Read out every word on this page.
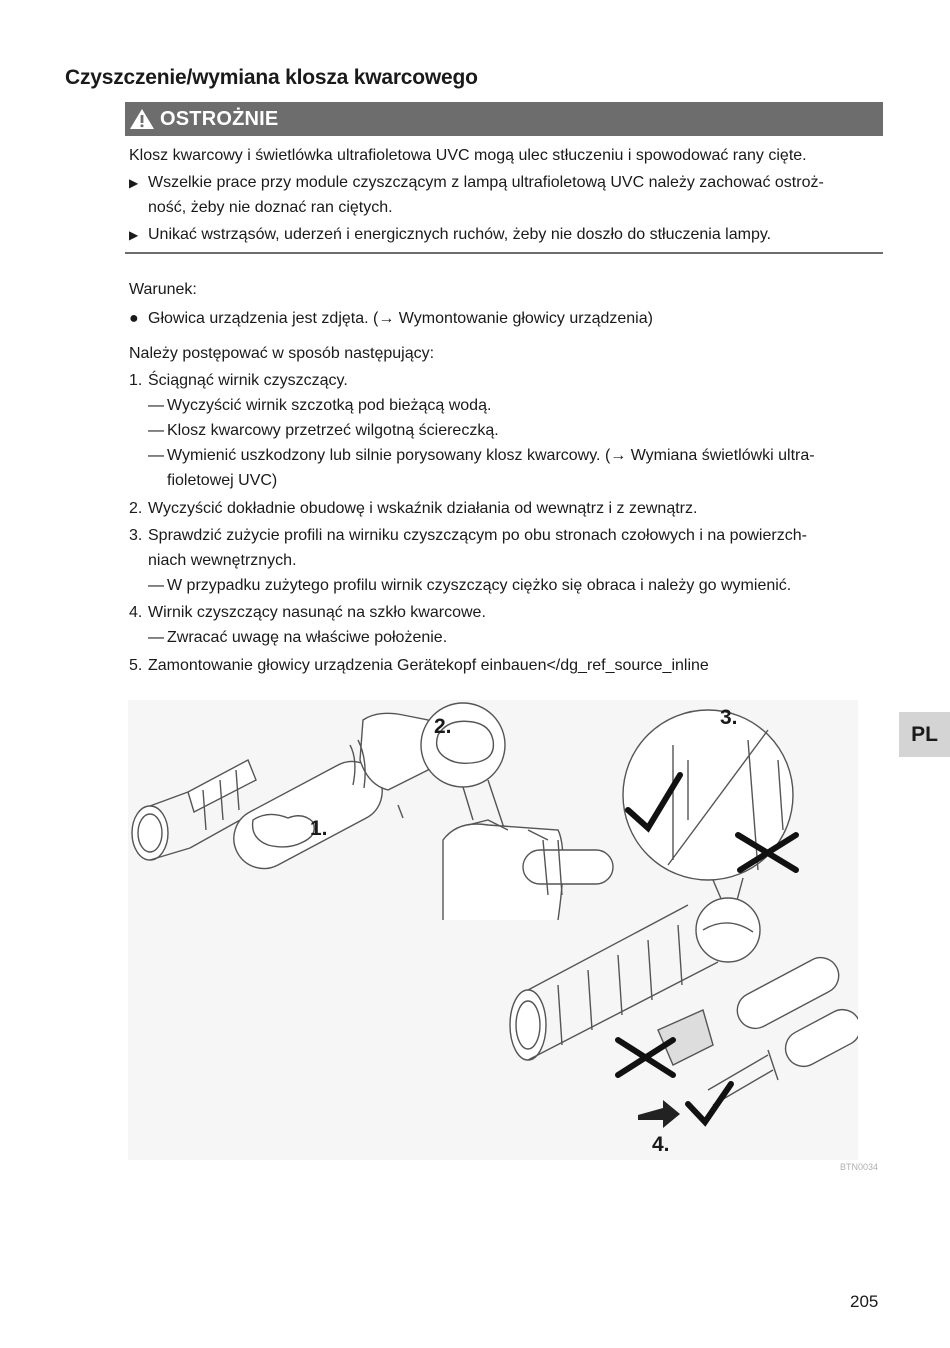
Czyszczenie/wymiana klosza kwarcowego
OSTROŻNIE
Klosz kwarcowy i świetlówka ultrafioletowa UVC mogą ulec stłuczeniu i spowodować rany cięte.
▶ Wszelkie prace przy module czyszczącym z lampą ultrafioletową UVC należy zachować ostroż-
ność, żeby nie doznać ran ciętych.
▶ Unikać wstrząsów, uderzeń i energicznych ruchów, żeby nie doszło do stłuczenia lampy.
Warunek:
● Głowica urządzenia jest zdjęta. (→ Wymontowanie głowicy urządzenia)
Należy postępować w sposób następujący:
1. Ściągnąć wirnik czyszczący.
— Wyczyścić wirnik szczotką pod bieżącą wodą.
— Klosz kwarcowy przetrzeć wilgotną ściereczką.
— Wymienić uszkodzony lub silnie porysowany klosz kwarcowy. (→ Wymiana świetlówki ultra-
fioletowej UVC)
2. Wyczyścić dokładnie obudowę i wskaźnik działania od wewnątrz i z zewnątrz.
3. Sprawdzić zużycie profili na wirniku czyszczącym po obu stronach czołowych i na powierzch-
niach wewnętrznych.
— W przypadku zużytego profilu wirnik czyszczący ciężko się obraca i należy go wymienić.
4. Wirnik czyszczący nasunąć na szkło kwarcowe.
— Zwracać uwagę na właściwe położenie.
5. Zamontowanie głowicy urządzenia Gerätekopf einbauen</dg_ref_source_inline
1.
2.	3.
4.
BTN0034
PL
205
